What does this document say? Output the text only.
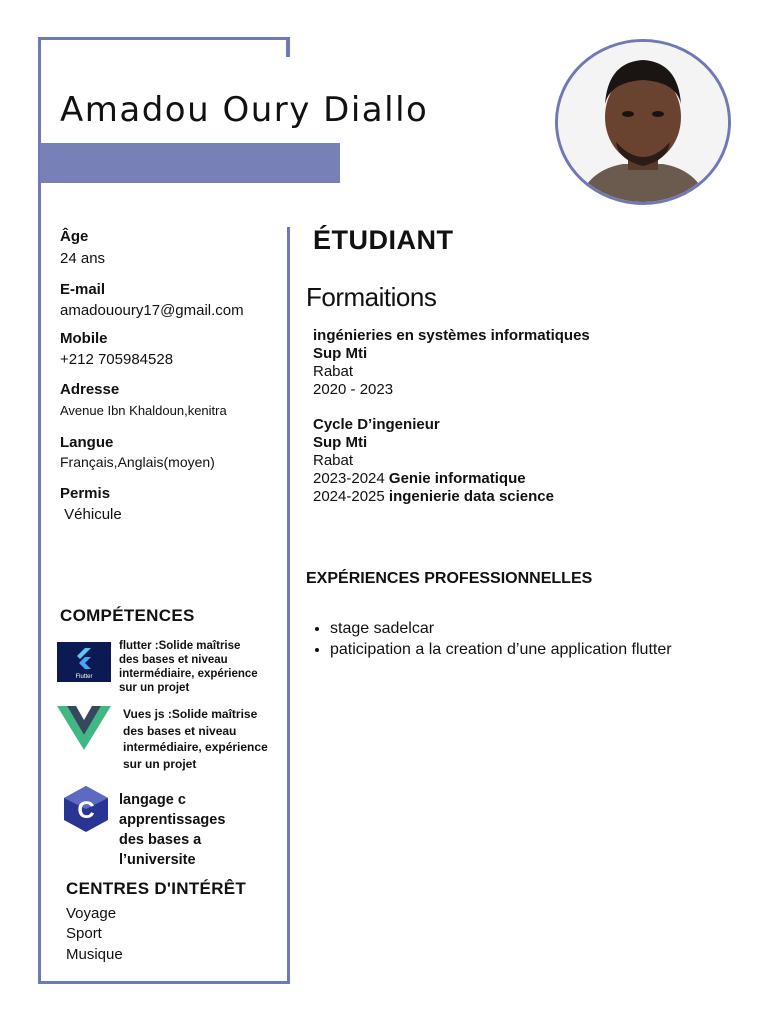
Amadou Oury Diallo
Âge
24 ans
E-mail
amadououry17@gmail.com
Mobile
+212 705984528
Adresse
Avenue Ibn Khaldoun,kenitra
Langue
Français,Anglais(moyen)
Permis
Véhicule
COMPÉTENCES
Flutter
flutter :Solide maîtrise des bases et niveau intermédiaire, expérience sur un projet
Vues js :Solide maîtrise des bases et niveau intermédiaire, expérience sur un projet
C langage c apprentissages des bases a l’universite
CENTRES D'INTÉRÊT
Voyage
Sport
Musique
ÉTUDIANT
Formaitions
ingénieries en systèmes informatiques
Sup Mti
Rabat
2020 - 2023
Cycle D’ingenieur
Sup Mti
Rabat
2023-2024 Genie informatique
2024-2025 ingenierie data science
EXPÉRIENCES PROFESSIONNELLES
• stage sadelcar
• paticipation a la creation d’une application flutter
